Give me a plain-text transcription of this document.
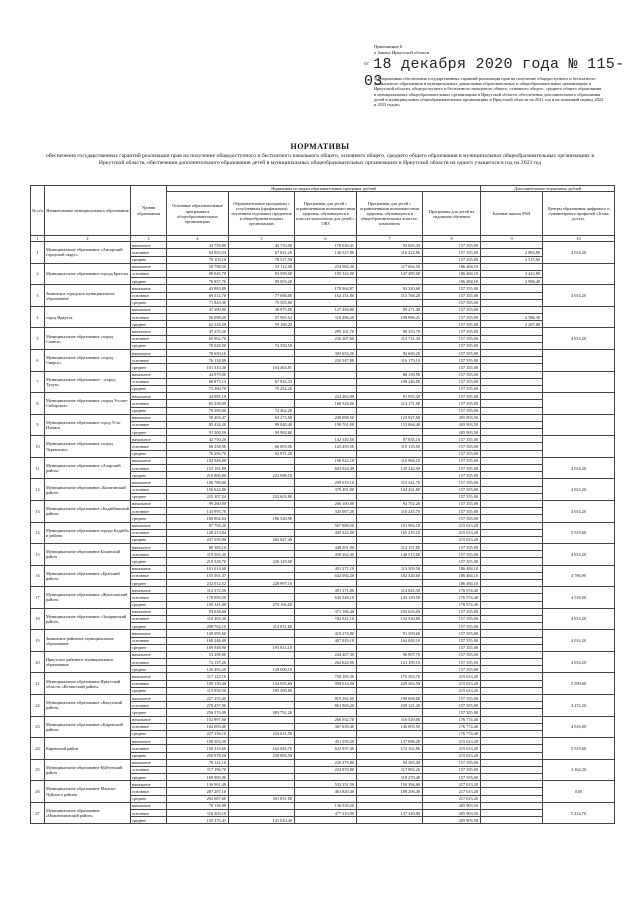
Приложение 6
к Закону Иркутской области
от 18 декабря 2020 года № 115-03
«О нормативах обеспечения государственных гарантий реализации прав на получение общедоступного и бесплатного дошкольного образования в муниципальных дошкольных образовательных и общеобразовательных организациях в Иркутской области, общедоступного и бесплатного начального общего, основного общего, среднего общего образования в муниципальных общеобразовательных организациях в Иркутской области, обеспечения дополнительного образования детей в муниципальных общеобразовательных организациях в Иркутской области на 2021 год и на плановый период 2022 и 2023 годов»
НОРМАТИВЫ
обеспечения государственных гарантий реализации прав на получение общедоступного и бесплатного начального общего, основного общего, среднего общего образования в муниципальных общеобразовательных организациях в Иркутской области, обеспечения дополнительного образования детей в муниципальных общеобразовательных организациях в Иркутской области на одного учащегося в год на 2023 год
№ п/п	Наименование муниципального образования	Уровни образования	Нормативы по видам образовательных программ, рублей					Дополнительные нормативы, рублей	
			Основные образовательные программы в общеобразовательных организациях	Образовательные программы с углубленным (профильным) изучением отдельных предметов в общеобразовательных организациях	Программы для детей с ограниченными возможностями здоровья, обучающихся в классах-комплектах для детей с ОВЗ	Программы для детей с ограниченными возможностями здоровья, обучающихся в общеобразовательных классах-комплектах	Программы для детей на надомном обучении	Базовые школы РАН	Центры образования цифрового и гуманитарного профилей «Точка роста»
1	2	3	4	5	6	7	8	9	10
1	Муниципальное образование «Ангарский городской округ»	начальное	43 759,80	43 733,00	178 030,41	92 683,30	157 355,00		4 014,20
		основное	64 863,54	67 021,20	146 527,80	116 222,80	157 355,00	2 883,80	
		среднее	70 103,10	78 517,50			157 355,00	2 515,60	
2	Муниципальное образование города Братска	начальное	50 798,50	53 112,00	254 584,30	117 662,50	186 484,10		
		основное	80 045,78	83 599,00	195 322,00	147 485,00	186 484,10	3 423,80	
		среднее	76 957,70	95 003,20			186 484,10	2 986,40	
3	Зиминское городское муниципальное образование	начальное	45 883,80		178 964,87	92 320,60	157 355,00		4 014,20
		основное	69 512,70	77 686,00	162 151,80	115 768,20	157 355,00		
		среднее	71 843,30	75 505,80			157 355,00		
4	город Иркутск	начальное	37 290,90	38 975,00	127 494,80	85 271,40	157 355,00		
		основное	56 098,20	57 965,52	118 496,20	108 886,21	157 355,00	2 586,30	
		среднее	62 316,50	59 168,20			157 355,00	2 287,80	
5	Муниципальное образование «город Саянск»	начальное	47 255,20		295 161,70	90 355,70	157 355,00		4 014,20
		основное	65 962,70		236 207,60	113 731,30	157 355,00		
		среднее	70 028,90	72 356,50			157 355,00		
6	Муниципальное образование «город Свирск»	начальное	70 650,10		303 653,20	92 669,20	157 355,00		
		основное	76 134,00		220 547,80	116 179,10	157 355,00		
		среднее	101 310,30	104 463,81			157 355,00		
7	Муниципальное образование - «город Тулун»	начальное	44 979,00			86 139,90	157 355,00		
		основное	68 875,13	67 943,33		108 246,00	157 355,00		
		среднее	75 260,70	75 252,20			157 355,00		
8	Муниципальное образование «город Усолье-Сибирское»	начальное	44 985,10		224 263,00	91 955,30	157 355,00		
		основное	65 258,09		168 524,06	114 171,90	157 355,00		
		среднее	70 295,00	72 462,20			157 355,00		
9	Муниципальное образование город Усть-Илимск	начальное	58 403,47	63 273,00	249 088,50	123 927,00	205 903,50		
		основное	85 434,20	89 040,40	190 761,00	153 064,40	205 903,50		
		среднее	91 500,50	99 982,60			205 903,50		
10	Муниципальное образование «город Черемхово»	начальное	42 750,20		142 340,50	87 835,10	157 355,00		
		основное	66 258,90	66 893,00	125 459,50	110 135,00	157 355,00		
		среднее	76 206,70	82 871,20			157 355,00		
11	Муниципальное образование «Аларский район»	начальное	102 946,00		198 922,10	110 966,10	157 355,00		4 014,20
		основное	153 161,80		603 924,40	139 242,00	157 355,00		
		среднее	210 866,80	223 088,10			157 355,00		
12	Муниципальное образование «Балаганский район»	начальное	106 789,00		299 019,10	115 341,70	157 355,00		4 014,20
		основное	156 624,80		379 491,00	144 261,80	157 355,00		
		среднее	225 307,24	232 603,80			157 355,00		
13	Муниципальное образование «Бодайбинский район»	начальное	99 260,00		266 100,00	92 702,20	157 355,00		4 014,20
		основное	143 995,70		345 087,20	116 245,70	157 355,00		
		среднее	180 862,64	186 540,90			157 355,00		
14	Муниципальное образование города Бодайбо и района	начальное	87 794,20		567 988,50	101 983,10	215 613,20		5 519,60
		основное	128 213,84		445 322,00	165 219,10	215 613,20		
		среднее	237 535,90	265 647,40			215 613,20		
15	Муниципальное образование Боханский район	начальное	80 385,10		448 261,90	112 157,80	157 355,00		4 014,20
		основное	119 565,30		458 262,40	140 513,00	157 355,00		
		среднее	210 328,70	226 125,00			157 355,00		
16	Муниципальное образование «Братский район»	начальное	101 014,60		491 271,10	113 309,50	186 484,10		4 766,90
		основное	155 561,37		642 092,20	182 320,60	186 484,10		
		среднее	232 012,52	228 997,10			186 484,10		
17	Муниципальное образование «Жигаловский район»	начальное	112 372,50		491 371,00	114 045,30	176 574,40		4 516,00
		основное	178 889,50		645 328,10	143 129,50	176 574,40		
		среднее	199 341,00	279 106,00			176 574,40		
18	Муниципальное образование «Заларинский район»	начальное	93 638,60		371 186,40	105 633,00	157 355,00		4 014,20
		основное	118 403,30		782 041,10	132 530,80	157 355,00		
		среднее	208 762,10	212 851,60			157 355,00		
19	Зиминское районное муниципальное образование	начальное	109 095,60		418 274,80	91 309,60	157 355,00		4 014,20
		основное	168 246,00		407 029,10	162 049,10	157 355,00		
		среднее	189 948,90	195 915,10			157 355,00		
20	Иркутское районное муниципальное образование	начальное	53 298,80		244 407,30	96 907,70	157 355,00		4 014,20
		основное	72 137,20		262 624,90	121 109,10	157 355,00		
		среднее	126 492,20	129 000,10			157 355,00		
21	Муниципальное образование Иркутской области «Катангский район»	начальное	117 122,10		750 185,30	175 363,70	215 613,20		5 599,60
		основное	169 150,40	134 955,60	998 014,90	229 363,50	215 613,20		
		среднее	115 956,50	185 500,80			215 613,20		
22	Муниципальное образование «Качугский район»	начальное	227 255,40		819 292,60	190 668,00	157 355,00		4 272,20
		основное	278 457,90		861 965,20	239 121,30	157 355,00		
		среднее	256 576,00	383 791,20			157 355,00		
23	Муниципальное образование «Киренский район»	начальное	102 897,60		266 552,70	116 529,00	176 774,40		4 516,00
		основное	162 005,40		367 639,40	146 005,50	176 774,40		
		среднее	227 156,10	234 631,50			176 774,40		
24	Киренский район	начальное	100 303,50		451 559,20	137 096,20	215 613,20		5 519,60
		основное	150 319,60	162 045,70	622 937,40	172 162,80	215 613,20		
		среднее	250 978,50	258 883,50			215 613,20		
25	Муниципальное образование Куйтунский район	начальное	78 141,10		220 275,80	94 385,40	157 355,00		4 164,20
		основное	117 196,70		224 870,80	117 982,20	157 355,00		
		среднее	169 985,90			118 270,40	157 355,00		
26	Муниципальное образование Мамско-Чуйского района	начальное	136 961,40		532 351,50	150 394,60	217 613,20		0,00
		основное	287 287,10		461 820,40	188 206,40	217 613,20		
		среднее	292 687,60	301 851,00			217 613,20		
27	Муниципальное образование «Нижнеилимский район»	начальное	78 136,88		136 539,20		205 903,50		5 214,70
		основное	116 303,10		477 210,90	137 349,90	205 903,50		
		среднее	135 375,41	141 610,40			205 903,50		
